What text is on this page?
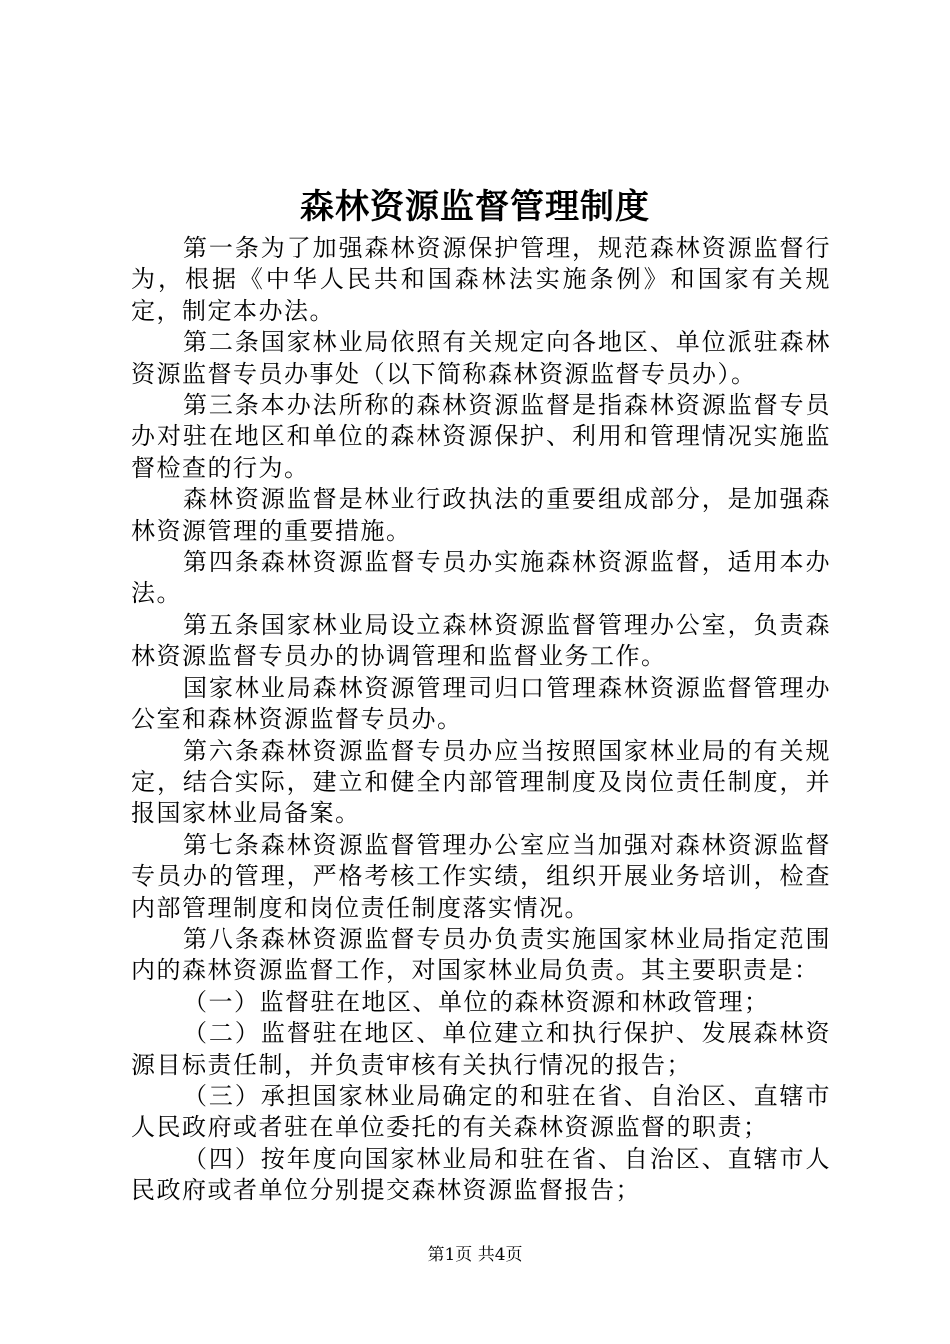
森林资源监督管理制度

第一条为了加强森林资源保护管理，规范森林资源监督行为，根据《中华人民共和国森林法实施条例》和国家有关规定，制定本办法。

第二条国家林业局依照有关规定向各地区、单位派驻森林资源监督专员办事处（以下简称森林资源监督专员办）。

第三条本办法所称的森林资源监督是指森林资源监督专员办对驻在地区和单位的森林资源保护、利用和管理情况实施监督检查的行为。

森林资源监督是林业行政执法的重要组成部分，是加强森林资源管理的重要措施。

第四条森林资源监督专员办实施森林资源监督，适用本办法。

第五条国家林业局设立森林资源监督管理办公室，负责森林资源监督专员办的协调管理和监督业务工作。

国家林业局森林资源管理司归口管理森林资源监督管理办公室和森林资源监督专员办。

第六条森林资源监督专员办应当按照国家林业局的有关规定，结合实际，建立和健全内部管理制度及岗位责任制度，并报国家林业局备案。

第七条森林资源监督管理办公室应当加强对森林资源监督专员办的管理，严格考核工作实绩，组织开展业务培训，检查内部管理制度和岗位责任制度落实情况。

第八条森林资源监督专员办负责实施国家林业局指定范围内的森林资源监督工作，对国家林业局负责。其主要职责是：

（一）监督驻在地区、单位的森林资源和林政管理；

（二）监督驻在地区、单位建立和执行保护、发展森林资源目标责任制，并负责审核有关执行情况的报告；

（三）承担国家林业局确定的和驻在省、自治区、直辖市人民政府或者驻在单位委托的有关森林资源监督的职责；

（四）按年度向国家林业局和驻在省、自治区、直辖市人民政府或者单位分别提交森林资源监督报告；

第1页 共4页
